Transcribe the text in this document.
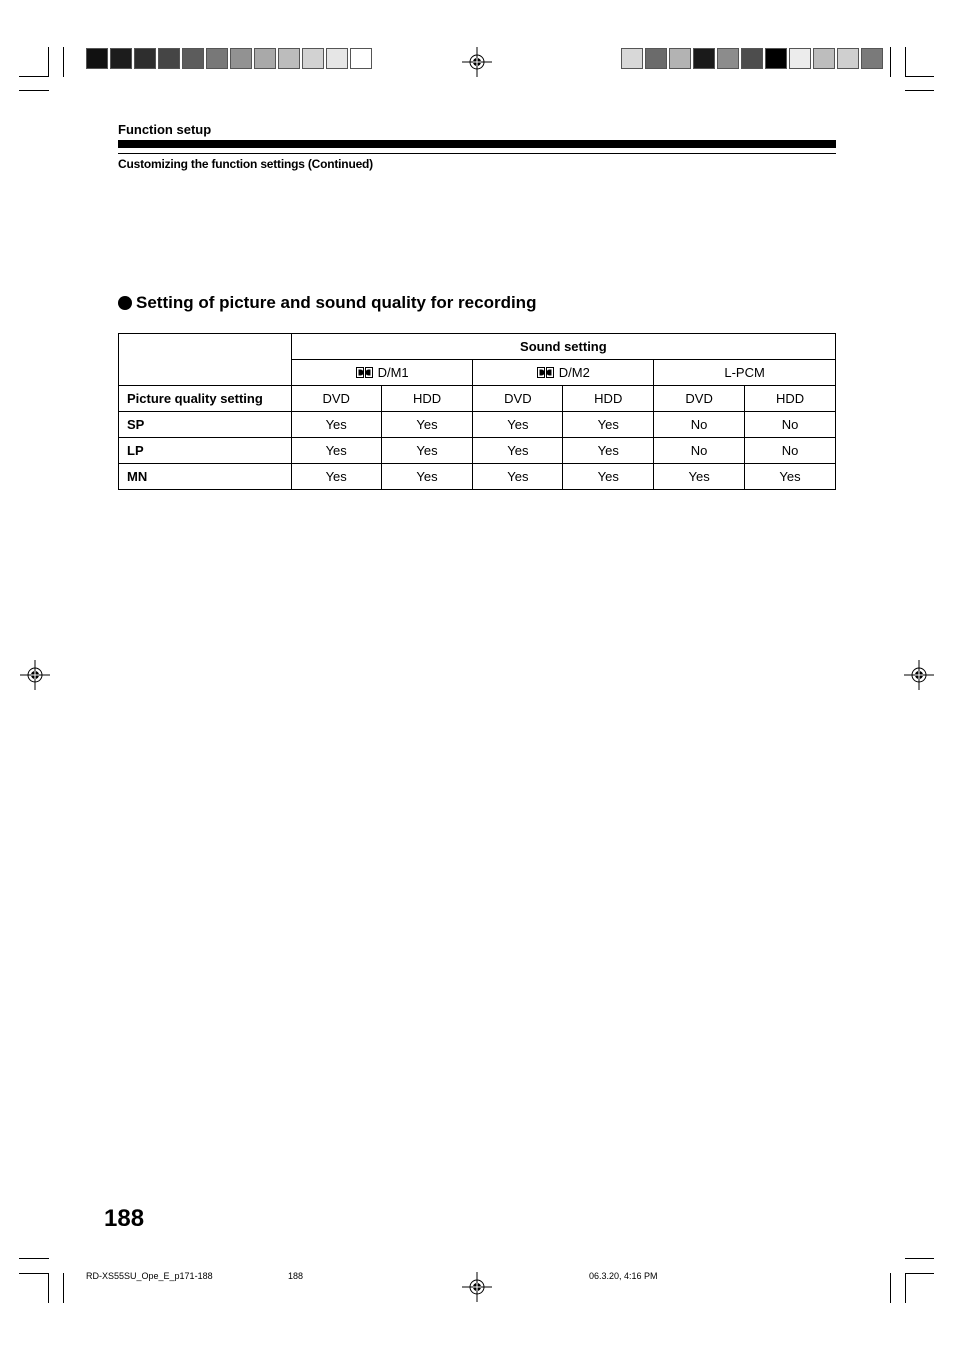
Function setup
Customizing the function settings (Continued)
Setting of picture and sound quality for recording
	Sound setting					
	D/M1		D/M2		L-PCM	
Picture quality setting	DVD	HDD	DVD	HDD	DVD	HDD
SP	Yes	Yes	Yes	Yes	No	No
LP	Yes	Yes	Yes	Yes	No	No
MN	Yes	Yes	Yes	Yes	Yes	Yes
188
RD-XS55SU_Ope_E_p171-188	188	06.3.20, 4:16 PM
